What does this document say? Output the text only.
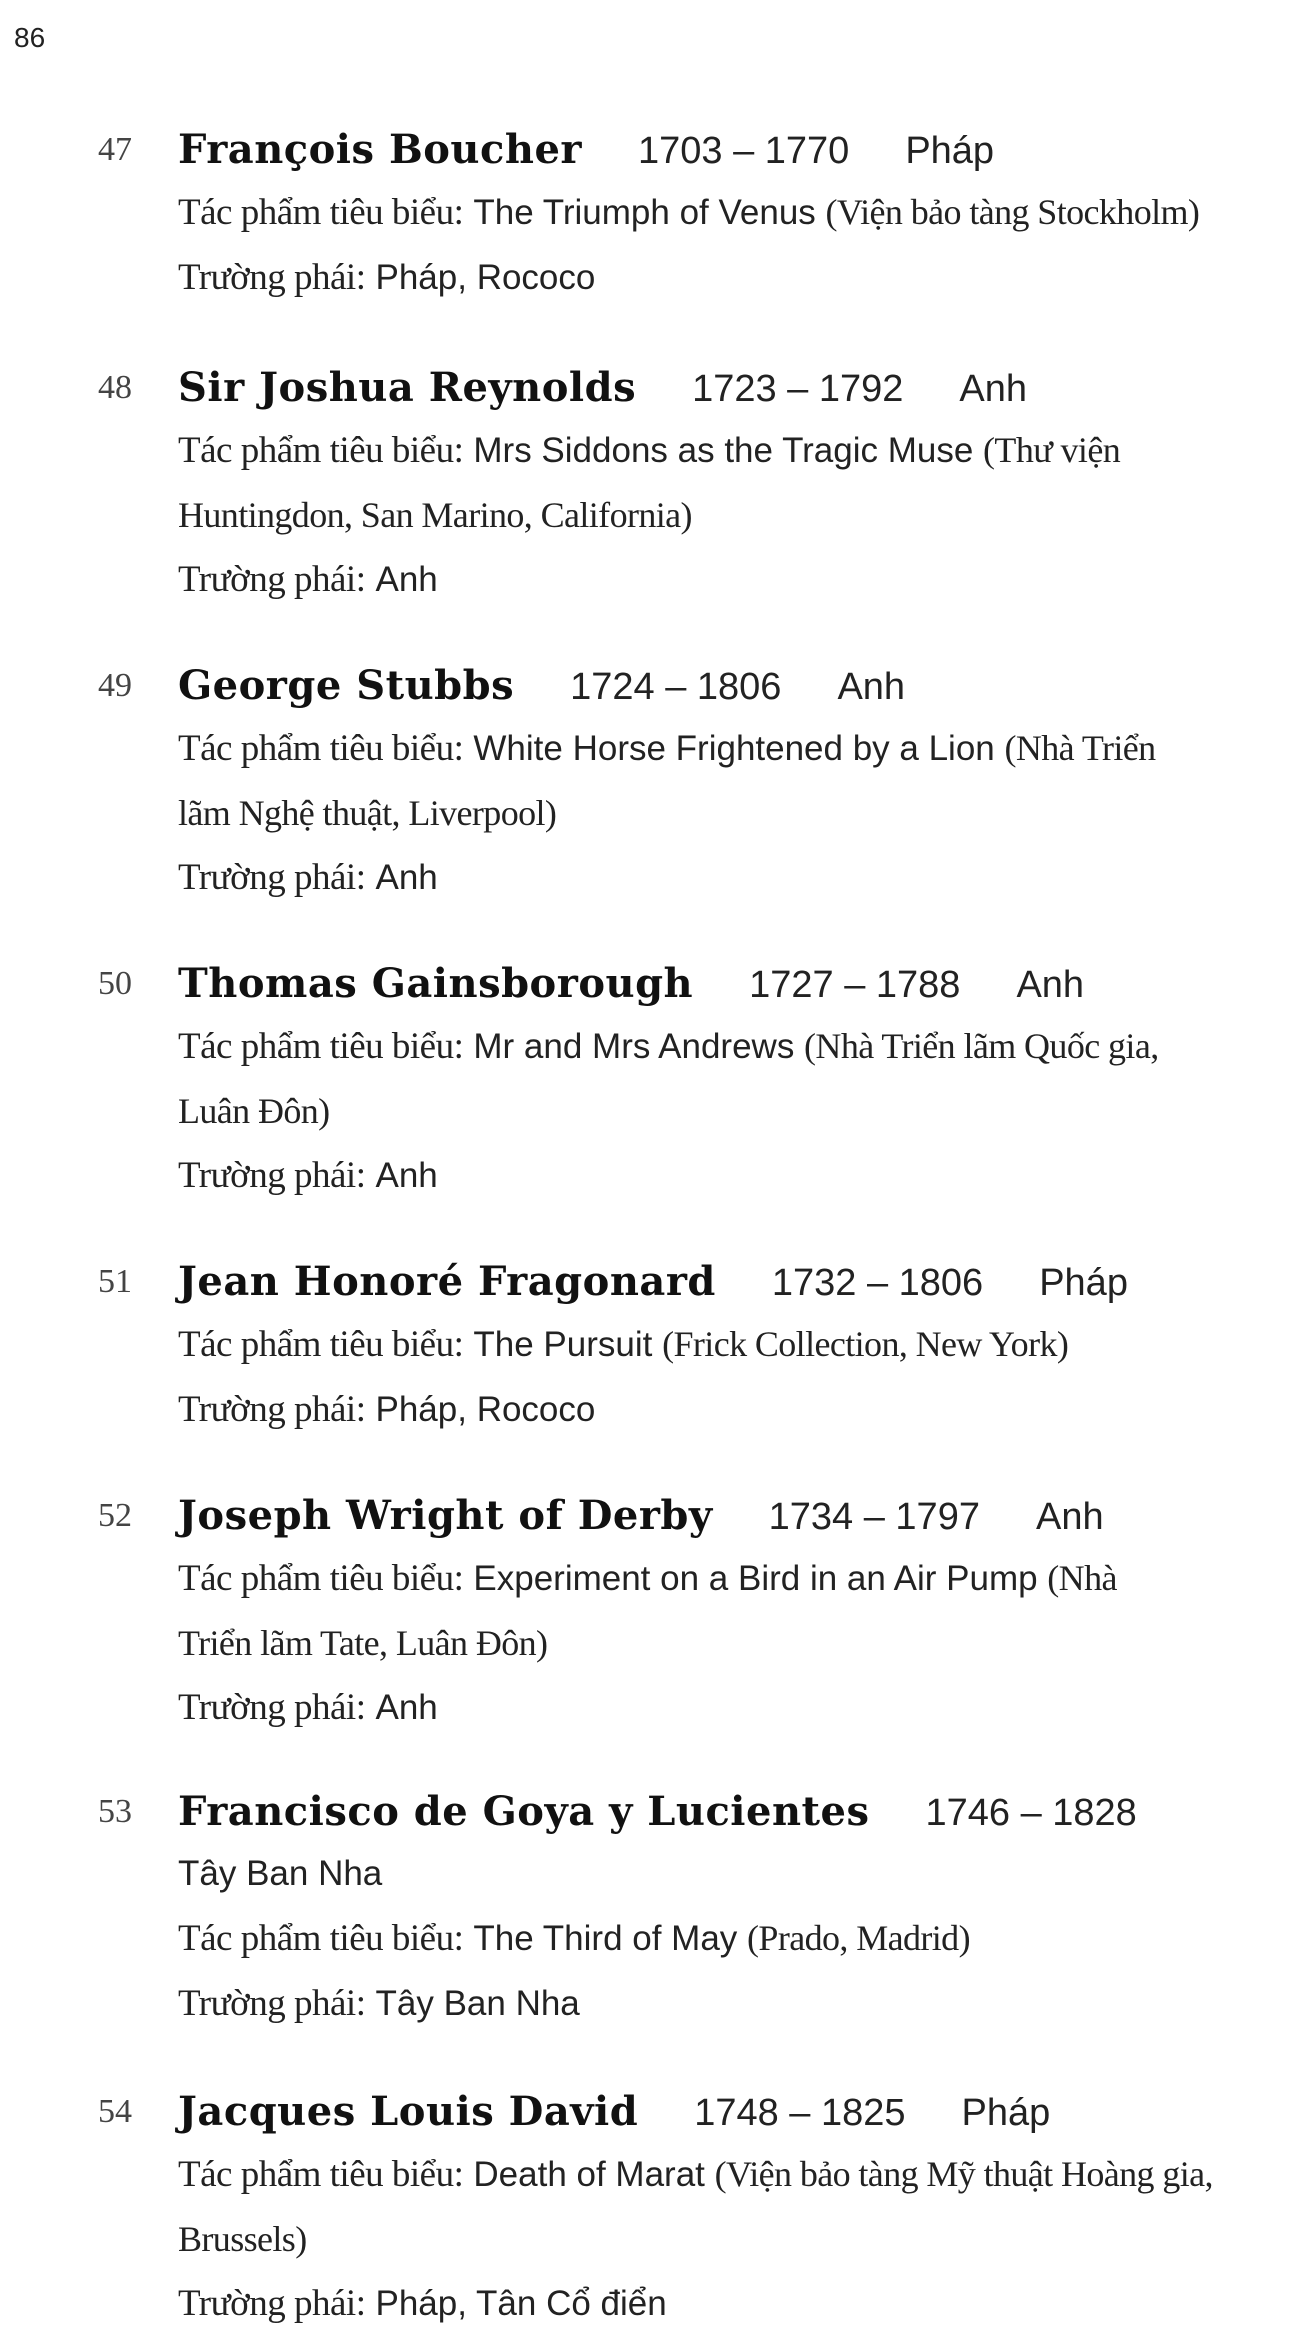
86
47 François Boucher 1703 – 1770 Pháp
Tác phẩm tiêu biểu: The Triumph of Venus (Viện bảo tàng Stockholm)
Trường phái: Pháp, Rococo
48 Sir Joshua Reynolds 1723 – 1792 Anh
Tác phẩm tiêu biểu: Mrs Siddons as the Tragic Muse (Thư viện
Huntingdon, San Marino, California)
Trường phái: Anh
49 George Stubbs 1724 – 1806 Anh
Tác phẩm tiêu biểu: White Horse Frightened by a Lion (Nhà Triển
lãm Nghệ thuật, Liverpool)
Trường phái: Anh
50 Thomas Gainsborough 1727 – 1788 Anh
Tác phẩm tiêu biểu: Mr and Mrs Andrews (Nhà Triển lãm Quốc gia,
Luân Đôn)
Trường phái: Anh
51 Jean Honoré Fragonard 1732 – 1806 Pháp
Tác phẩm tiêu biểu: The Pursuit (Frick Collection, New York)
Trường phái: Pháp, Rococo
52 Joseph Wright of Derby 1734 – 1797 Anh
Tác phẩm tiêu biểu: Experiment on a Bird in an Air Pump (Nhà
Triển lãm Tate, Luân Đôn)
Trường phái: Anh
53 Francisco de Goya y Lucientes 1746 – 1828
Tây Ban Nha
Tác phẩm tiêu biểu: The Third of May (Prado, Madrid)
Trường phái: Tây Ban Nha
54 Jacques Louis David 1748 – 1825 Pháp
Tác phẩm tiêu biểu: Death of Marat (Viện bảo tàng Mỹ thuật Hoàng gia,
Brussels)
Trường phái: Pháp, Tân Cổ điển
